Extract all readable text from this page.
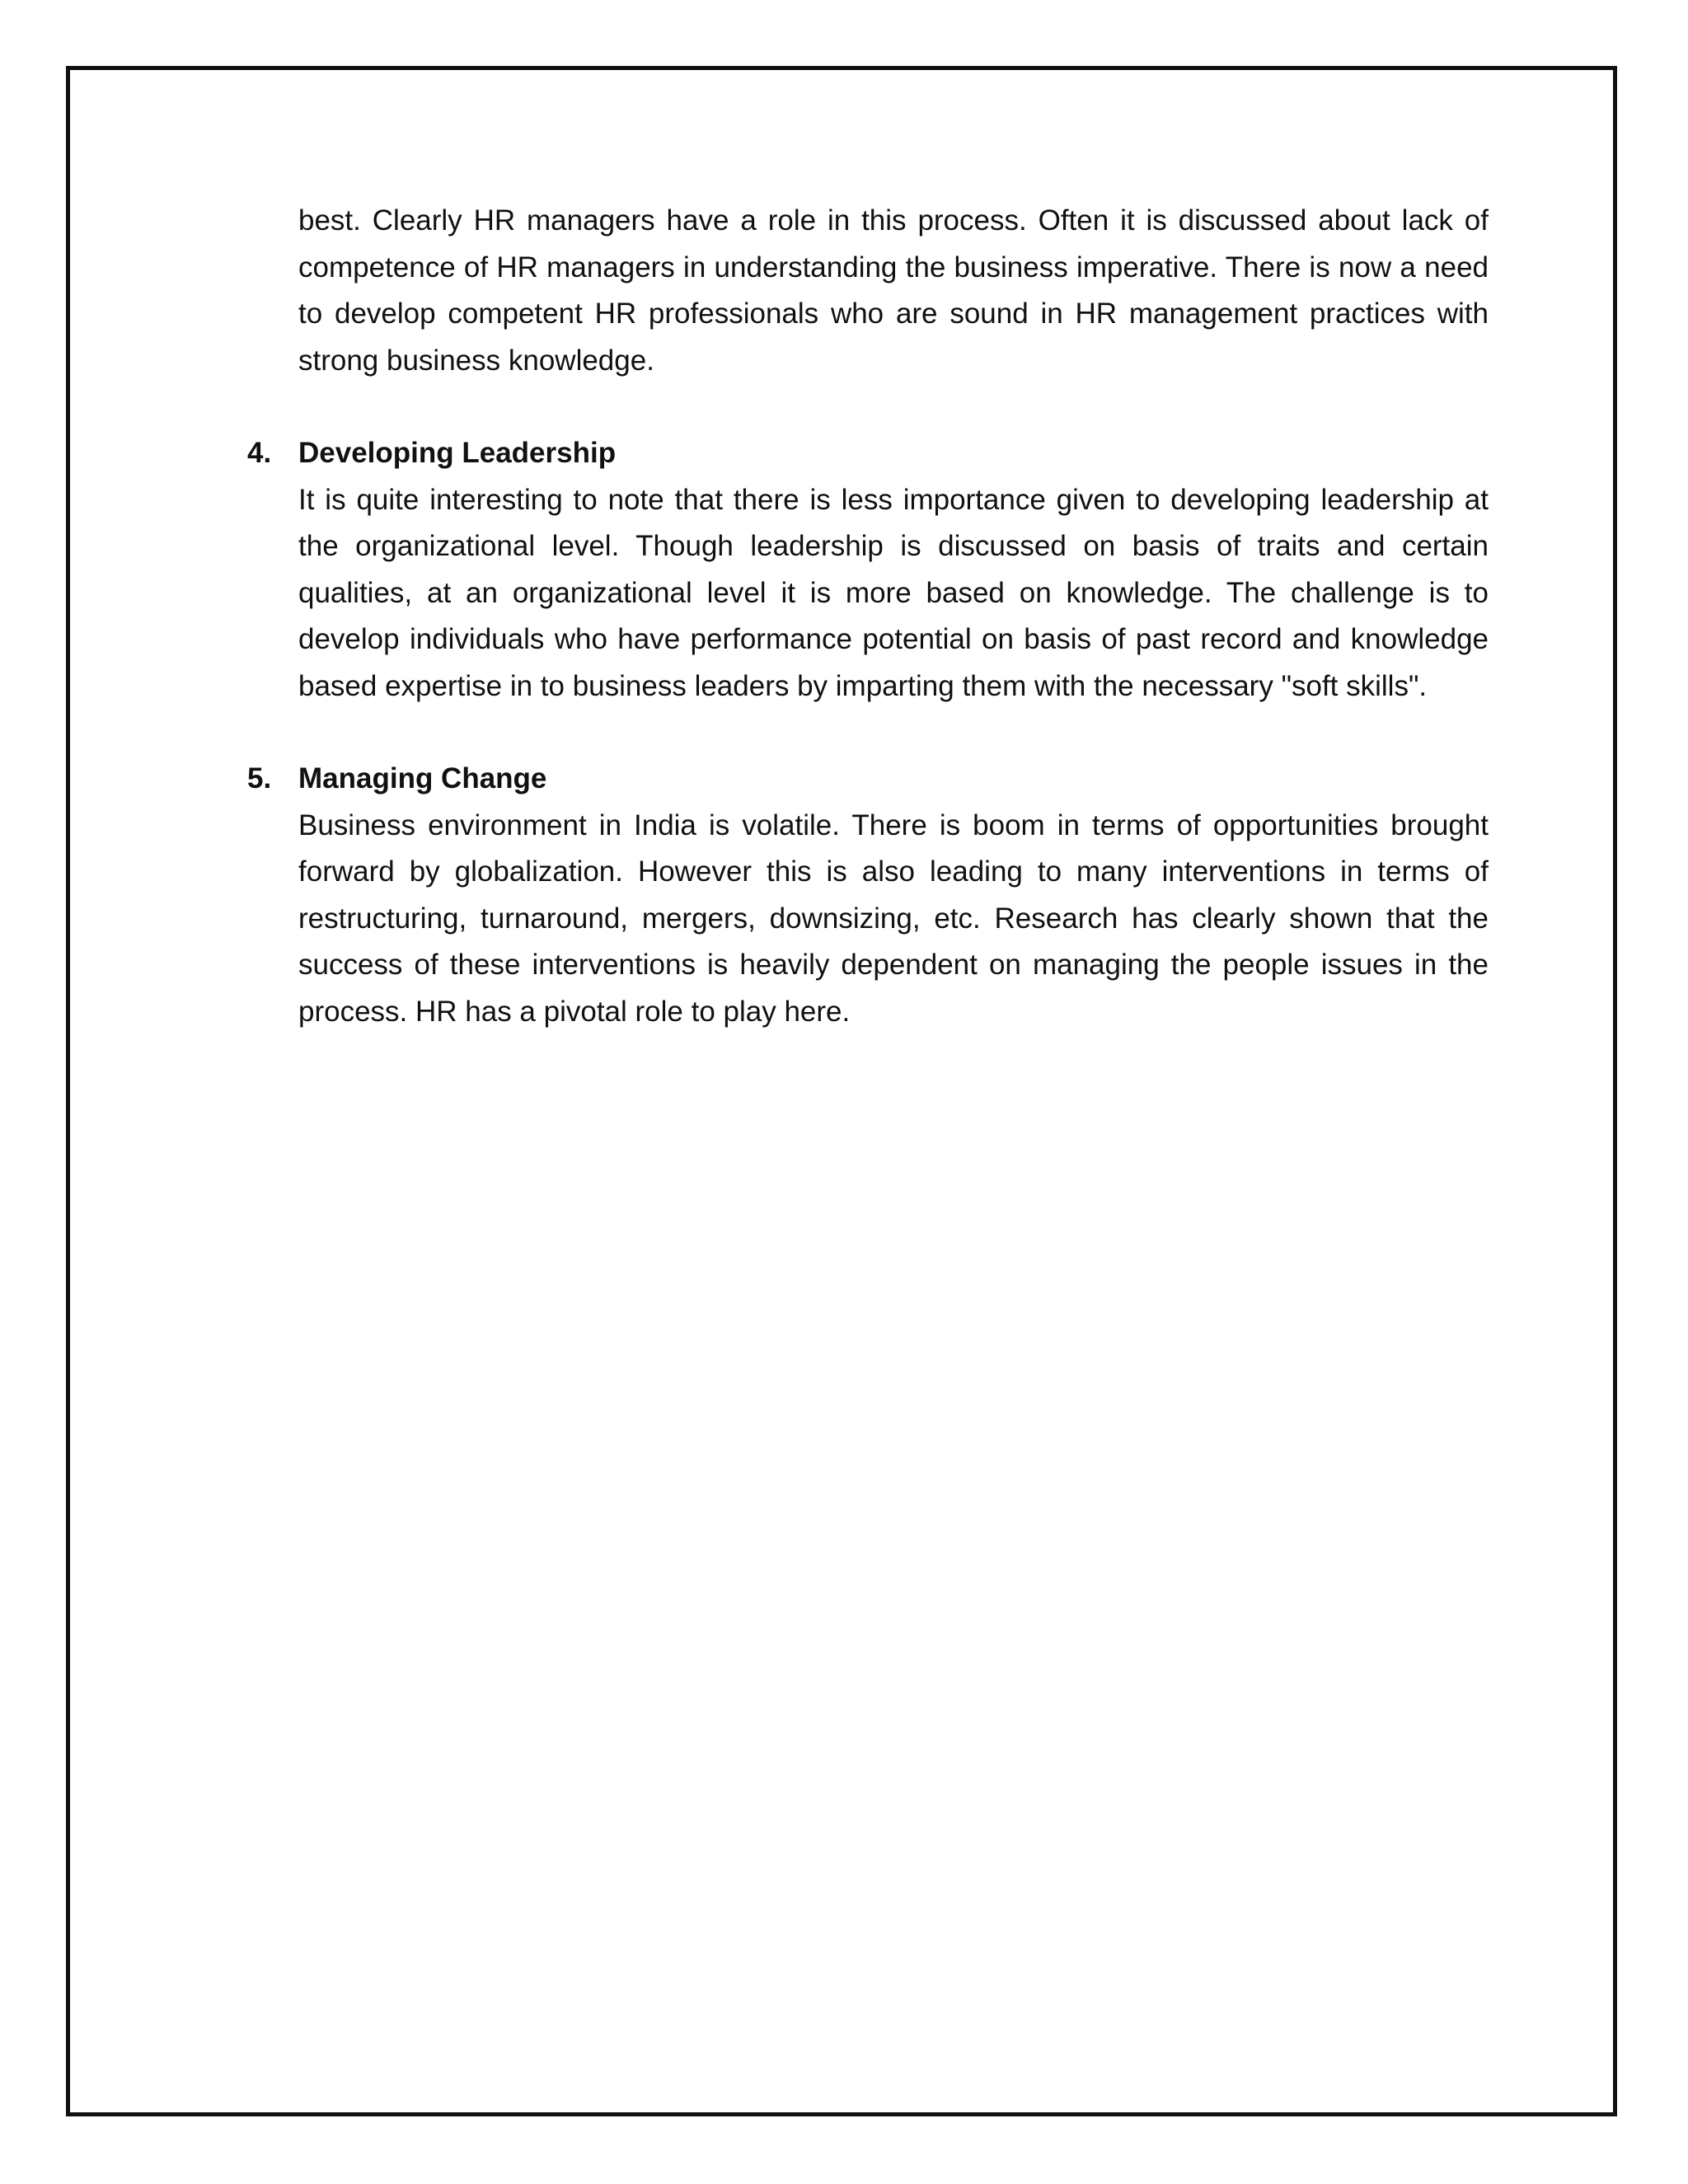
best. Clearly HR managers have a role in this process. Often it is discussed about lack of competence of HR managers in understanding the business imperative. There is now a need to develop competent HR professionals who are sound in HR management practices with strong business knowledge.

4. Developing Leadership

It is quite interesting to note that there is less importance given to developing leadership at the organizational level. Though leadership is discussed on basis of traits and certain qualities, at an organizational level it is more based on knowledge. The challenge is to develop individuals who have performance potential on basis of past record and knowledge based expertise in to business leaders by imparting them with the necessary "soft skills".

5. Managing Change

Business environment in India is volatile. There is boom in terms of opportunities brought forward by globalization. However this is also leading to many interventions in terms of restructuring, turnaround, mergers, downsizing, etc. Research has clearly shown that the success of these interventions is heavily dependent on managing the people issues in the process. HR has a pivotal role to play here.
